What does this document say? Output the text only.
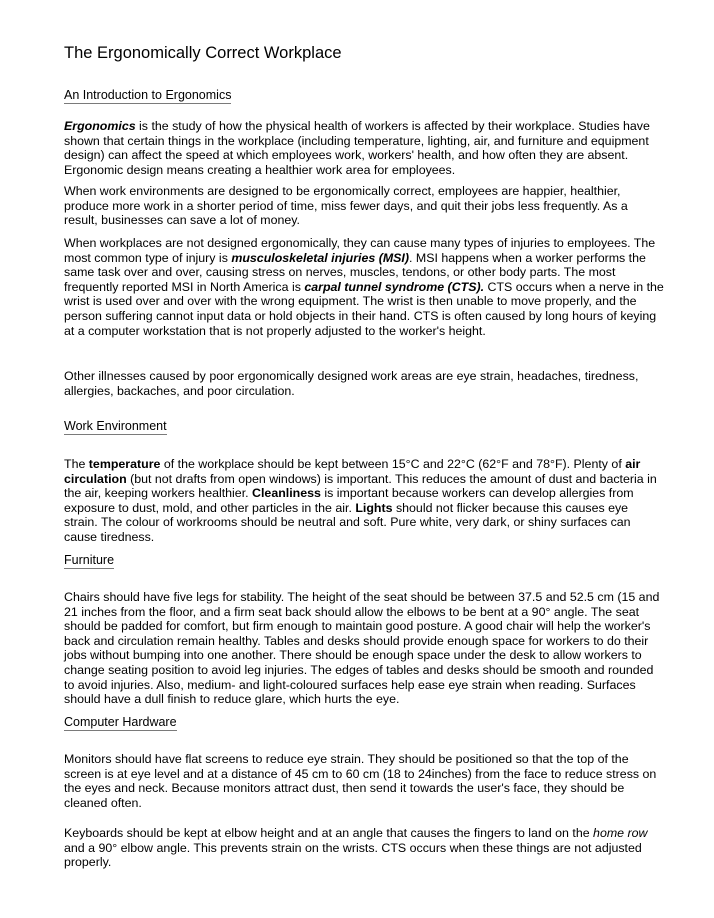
The Ergonomically Correct Workplace
An Introduction to Ergonomics

Ergonomics is the study of how the physical health of workers is affected by their workplace. Studies have shown that certain things in the workplace (including temperature, lighting, air, and furniture and equipment design) can affect the speed at which employees work, workers' health, and how often they are absent. Ergonomic design means creating a healthier work area for employees.

When work environments are designed to be ergonomically correct, employees are happier, healthier, produce more work in a shorter period of time, miss fewer days, and quit their jobs less frequently. As a result, businesses can save a lot of money.

When workplaces are not designed ergonomically, they can cause many types of injuries to employees. The most common type of injury is musculoskeletal injuries (MSI). MSI happens when a worker performs the same task over and over, causing stress on nerves, muscles, tendons, or other body parts. The most frequently reported MSI in North America is carpal tunnel syndrome (CTS). CTS occurs when a nerve in the wrist is used over and over with the wrong equipment. The wrist is then unable to move properly, and the person suffering cannot input data or hold objects in their hand. CTS is often caused by long hours of keying at a computer workstation that is not properly adjusted to the worker's height.

Other illnesses caused by poor ergonomically designed work areas are eye strain, headaches, tiredness, allergies, backaches, and poor circulation.

Work Environment

The temperature of the workplace should be kept between 15°C and 22°C (62°F and 78°F). Plenty of air circulation (but not drafts from open windows) is important. This reduces the amount of dust and bacteria in the air, keeping workers healthier. Cleanliness is important because workers can develop allergies from exposure to dust, mold, and other particles in the air. Lights should not flicker because this causes eye strain. The colour of workrooms should be neutral and soft. Pure white, very dark, or shiny surfaces can cause tiredness.

Furniture

Chairs should have five legs for stability. The height of the seat should be between 37.5 and 52.5 cm (15 and 21 inches from the floor, and a firm seat back should allow the elbows to be bent at a 90° angle. The seat should be padded for comfort, but firm enough to maintain good posture. A good chair will help the worker's back and circulation remain healthy. Tables and desks should provide enough space for workers to do their jobs without bumping into one another. There should be enough space under the desk to allow workers to change seating position to avoid leg injuries. The edges of tables and desks should be smooth and rounded to avoid injuries. Also, medium- and light-coloured surfaces help ease eye strain when reading. Surfaces should have a dull finish to reduce glare, which hurts the eye.

Computer Hardware

Monitors should have flat screens to reduce eye strain. They should be positioned so that the top of the screen is at eye level and at a distance of 45 cm to 60 cm (18 to 24inches) from the face to reduce stress on the eyes and neck. Because monitors attract dust, then send it towards the user's face, they should be cleaned often.

Keyboards should be kept at elbow height and at an angle that causes the fingers to land on the home row and a 90° elbow angle. This prevents strain on the wrists. CTS occurs when these things are not adjusted properly.
